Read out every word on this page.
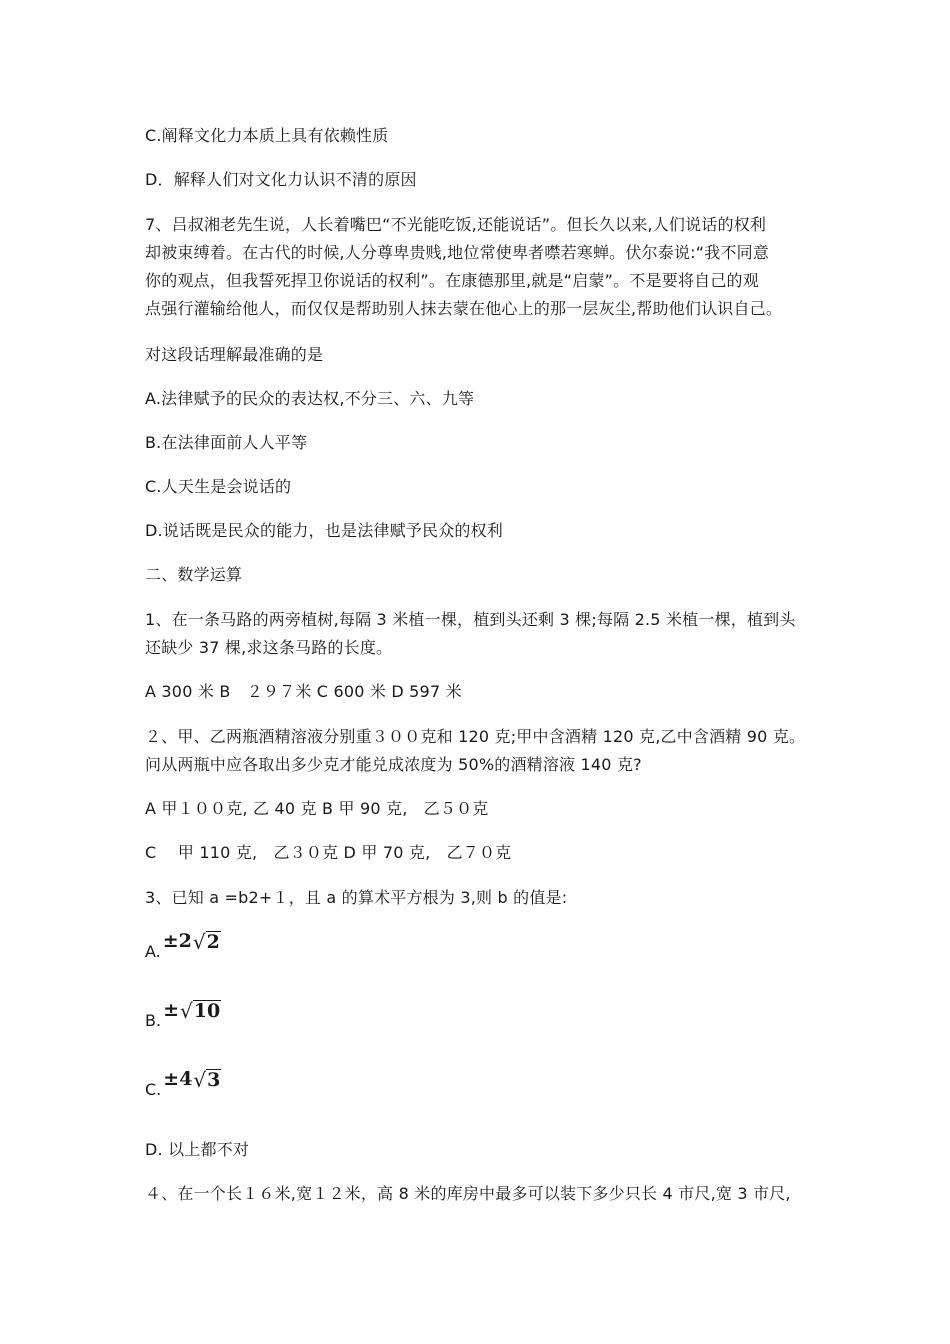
C.阐释文化力本质上具有依赖性质
D．解释人们对文化力认识不清的原因
7、吕叔湘老先生说，人长着嘴巴“不光能吃饭,还能说话”。但长久以来,人们说话的权利
却被束缚着。在古代的时候,人分尊卑贵贱,地位常使卑者噤若寒蝉。伏尔泰说:“我不同意
你的观点，但我誓死捍卫你说话的权利”。在康德那里,就是“启蒙”。不是要将自己的观
点强行灌输给他人，而仅仅是帮助别人抹去蒙在他心上的那一层灰尘,帮助他们认识自己。
对这段话理解最准确的是
A.法律赋予的民众的表达权,不分三、六、九等
B.在法律面前人人平等
C.人天生是会说话的
D.说话既是民众的能力，也是法律赋予民众的权利
二、数学运算
1、在一条马路的两旁植树,每隔 3 米植一棵，植到头还剩 3 棵;每隔 2.5 米植一棵，植到头
还缺少 37 棵,求这条马路的长度。
A 300 米 B　２９７米 C 600 米 D 597 米
２、甲、乙两瓶酒精溶液分别重３００克和 120 克;甲中含酒精 120 克,乙中含酒精 90 克。
问从两瓶中应各取出多少克才能兑成浓度为 50%的酒精溶液 140 克?
A 甲１００克, 乙 40 克 B 甲 90 克,　乙５０克
C　 甲 110 克,　乙３０克 D 甲 70 克,　乙７０克
3、已知 a =b2+１，且 a 的算术平方根为 3,则 b 的值是:
A. ± 2 √ 2
B. ± √ 10
C. ± 4 √ 3
D. 以上都不对
４、在一个长１６米,宽１２米，高 8 米的库房中最多可以装下多少只长 4 市尺,宽 3 市尺,
